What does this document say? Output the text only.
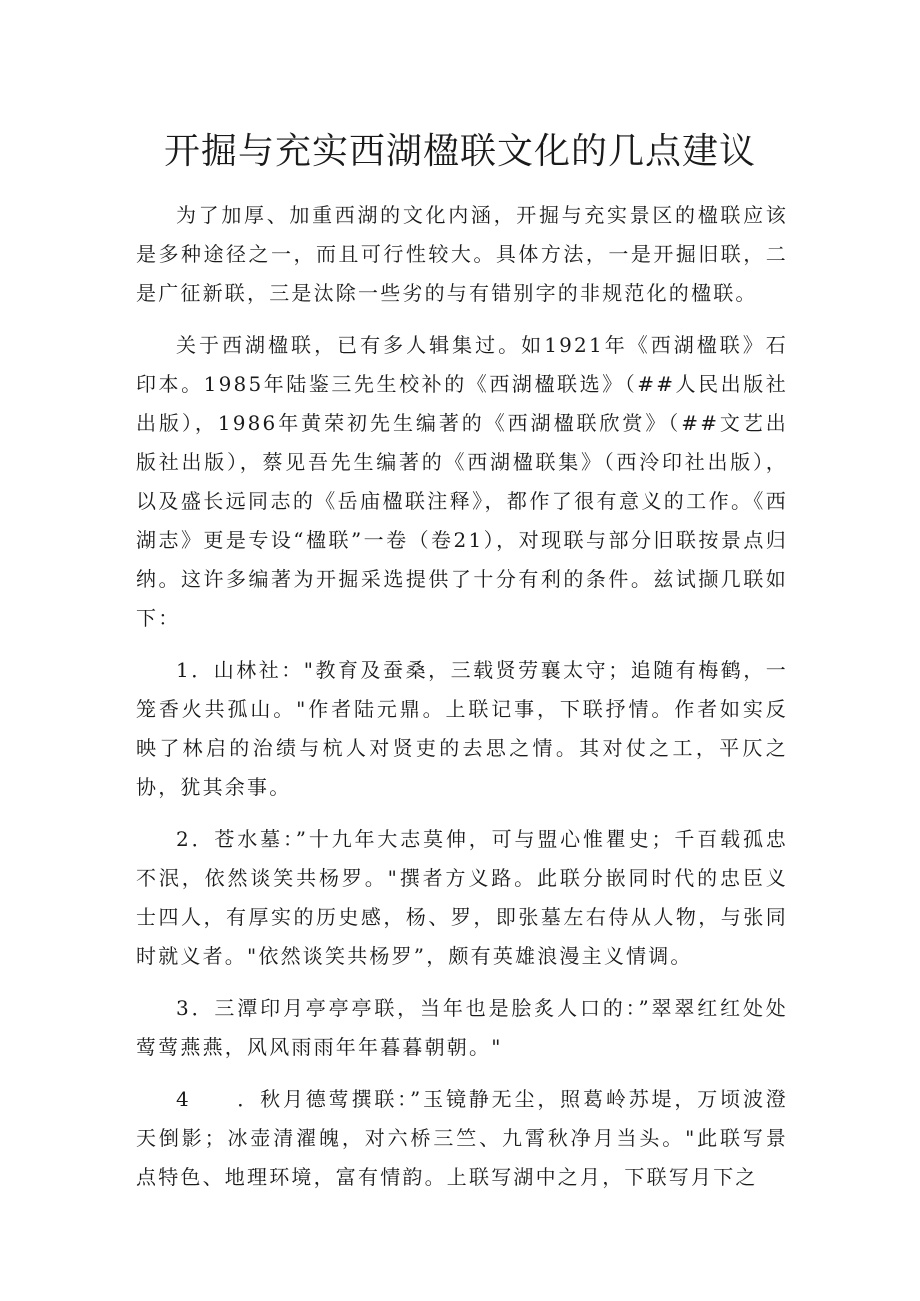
开掘与充实西湖楹联文化的几点建议

为了加厚、加重西湖的文化内涵，开掘与充实景区的楹联应该是多种途径之一，而且可行性较大。具体方法，一是开掘旧联，二是广征新联，三是汰除一些劣的与有错别字的非规范化的楹联。

关于西湖楹联，已有多人辑集过。如1921年《西湖楹联》石印本。1985年陆鉴三先生校补的《西湖楹联选》（##人民出版社出版），1986年黄荣初先生编著的《西湖楹联欣赏》（##文艺出版社出版），蔡见吾先生编著的《西湖楹联集》（西泠印社出版），以及盛长远同志的《岳庙楹联注释》，都作了很有意义的工作。《西湖志》更是专设“楹联”一卷（卷21），对现联与部分旧联按景点归纳。这许多编著为开掘采选提供了十分有利的条件。兹试撷几联如下：

1．山林社："教育及蚕桑，三载贤劳襄太守；追随有梅鹤，一笼香火共孤山。"作者陆元鼎。上联记事，下联抒情。作者如实反映了林启的治绩与杭人对贤吏的去思之情。其对仗之工，平仄之协，犹其余事。

2．苍水墓：”十九年大志莫伸，可与盟心惟瞿史；千百载孤忠不泯，依然谈笑共杨罗。"撰者方义路。此联分嵌同时代的忠臣义士四人，有厚实的历史感，杨、罗，即张墓左右侍从人物，与张同时就义者。"依然谈笑共杨罗”，颇有英雄浪漫主义情调。

3．三潭印月亭亭亭联，当年也是脍炙人口的：”翠翠红红处处莺莺燕燕，风风雨雨年年暮暮朝朝。"

4　　．秋月德莺撰联：”玉镜静无尘，照葛岭苏堤，万顷波澄天倒影；冰壶清濯魄，对六桥三竺、九霄秋净月当头。"此联写景点特色、地理环境，富有情韵。上联写湖中之月，下联写月下之
